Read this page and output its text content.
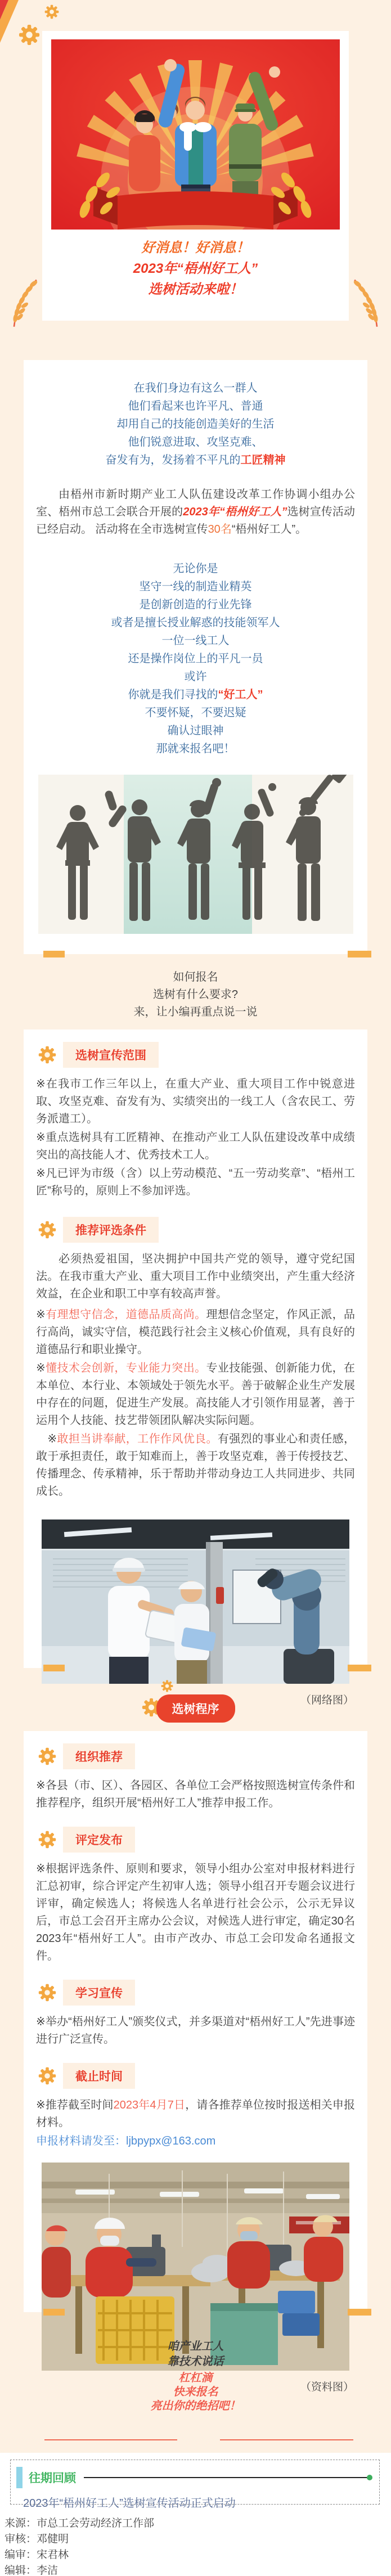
好消息！好消息！
2023年“梧州好工人”
选树活动来啦！
在我们身边有这么一群人
他们看起来也许平凡、普通
却用自己的技能创造美好的生活
他们锐意进取、攻坚克难、
奋发有为，发扬着不平凡的工匠精神
由梧州市新时期产业工人队伍建设改革工作协调小组办公室、梧州市总工会联合开展的2023年“梧州好工人”选树宣传活动已经启动。 活动将在全市选树宣传30名“梧州好工人”。
无论你是
坚守一线的制造业精英
是创新创造的行业先锋
或者是擅长授业解惑的技能领军人
一位一线工人
还是操作岗位上的平凡一员
或许
你就是我们寻找的“好工人”
不要怀疑，不要迟疑
确认过眼神
那就来报名吧！
如何报名
选树有什么要求?
来，让小编再重点说一说
选树宣传范围
※在我市工作三年以上，在重大产业、重大项目工作中锐意进取、攻坚克难、奋发有为、实绩突出的一线工人（含农民工、劳务派遣工）。
※重点选树具有工匠精神、在推动产业工人队伍建设改革中成绩突出的高技能人才、优秀技术工人。
※凡已评为市级（含）以上劳动模范、“五一劳动奖章”、“梧州工匠”称号的，原则上不参加评选。
推荐评选条件
必须热爱祖国，坚决拥护中国共产党的领导，遵守党纪国法。在我市重大产业、重大项目工作中业绩突出，产生重大经济效益，在企业和职工中享有较高声誉。
※有理想守信念，道德品质高尚。理想信念坚定，作风正派，品行高尚，诚实守信，模范践行社会主义核心价值观，具有良好的道德品行和职业操守。
※懂技术会创新，专业能力突出。专业技能强、创新能力优，在本单位、本行业、本领域处于领先水平。善于破解企业生产发展中存在的问题，促进生产发展。高技能人才引领作用显著，善于运用个人技能、技艺带领团队解决实际问题。
　※敢担当讲奉献，工作作风优良。有强烈的事业心和责任感，敢于承担责任，敢于知难而上，善于攻坚克难，善于传授技艺、传播理念、传承精神，乐于帮助并带动身边工人共同进步、共同成长。
（网络图）
选树程序
组织推荐
※各县（市、区）、各园区、各单位工会严格按照选树宣传条件和推荐程序，组织开展“梧州好工人”推荐申报工作。
评定发布
※根据评选条件、原则和要求，领导小组办公室对申报材料进行汇总初审，综合评定产生初审人选；领导小组召开专题会议进行评审，确定候选人；将候选人名单进行社会公示，公示无异议后，市总工会召开主席办公会议，对候选人进行审定，确定30名2023年“梧州好工人”。由市产改办、市总工会印发命名通报文件。
学习宣传
※举办“梧州好工人”颁奖仪式，并多渠道对“梧州好工人”先进事迹进行广泛宣传。
截止时间
※推荐截至时间2023年4月7日，请各推荐单位按时报送相关申报材料。
申报材料请发至：ljbpypx@163.com
（资料图）
咱产业工人
靠技术说话
杠杠滴
快来报名
亮出你的绝招吧！
往期回顾
2023年“梧州好工人”选树宣传活动正式启动
来源：市总工会劳动经济工作部
审核：邓健明
编审：宋君林
编辑：李洁
